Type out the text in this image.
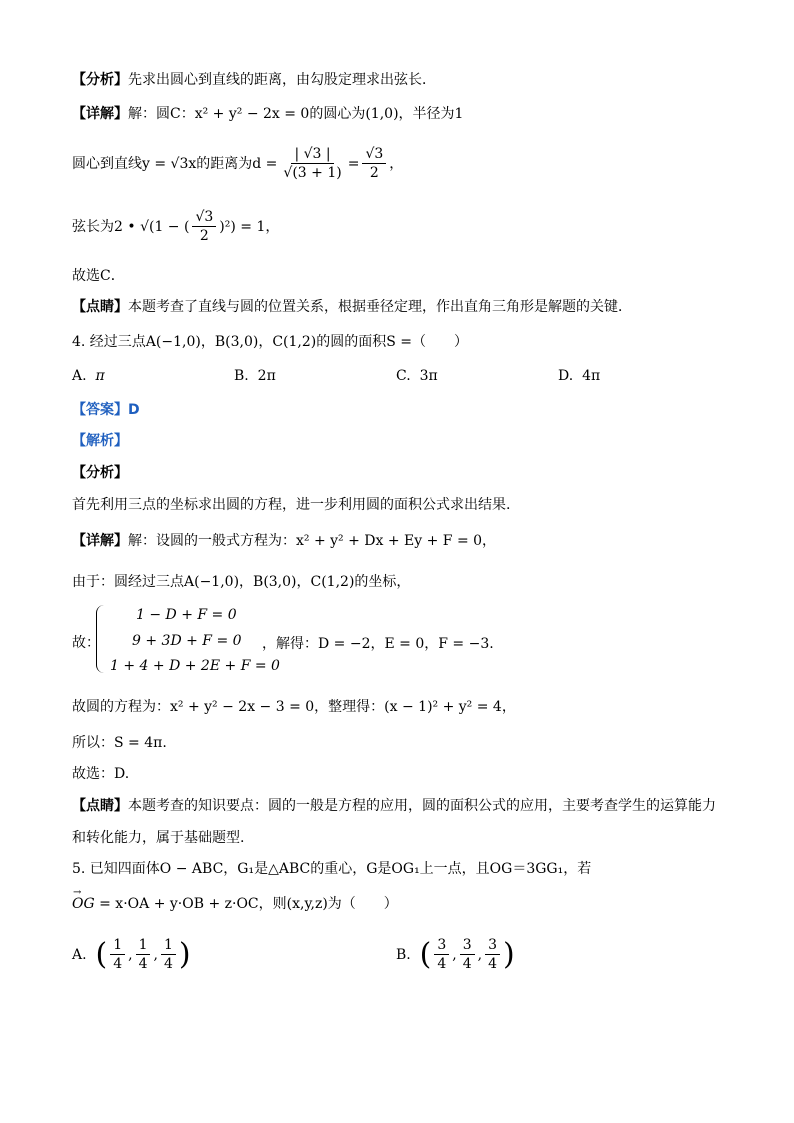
【分析】先求出圆心到直线的距离，由勾股定理求出弦长．
【详解】解：圆C：x² + y² − 2x = 0的圆心为(1,0)，半径为1
圆心到直线y = √3x的距离为$d = \frac{| √3 |}{√(3 + 1)} = \frac{√3}{2}$ ，
弦长为2 • √(1 − ( $\frac{√3}{2} )^2) = 1$，
故选C．
【点睛】本题考查了直线与圆的位置关系，根据垂径定理，作出直角三角形是解题的关键．
4. 经过三点A(−1,0)，B(3,0)，C(1,2)的圆的面积S =（　　）
A. π	B. 2π	C. 3π	D. 4π
【答案】D
【解析】
【分析】
首先利用三点的坐标求出圆的方程，进一步利用圆的面积公式求出结果.
【详解】解：设圆的一般式方程为：x² + y² + Dx + Ey + F = 0，
由于：圆经过三点A(−1,0)，B(3,0)，C(1,2)的坐标，
故：
1 − D + F = 0
9 + 3D + F = 0
1 + 4 + D + 2E + F = 0
，解得：D = −2，E = 0，F = −3.
故圆的方程为：x² + y² − 2x − 3 = 0，整理得：(x − 1)² + y² = 4，
所以：S = 4π.
故选：D.
【点睛】本题考查的知识要点：圆的一般是方程的应用，圆的面积公式的应用，主要考查学生的运算能力
和转化能力，属于基础题型.
5. 已知四面体O − ABC，G₁是△ABC的重心，G是OG₁上一点，且OG＝3GG₁，若
→ OG = x·OA + y·OB + z·OC，则(x,y,z)为（　　）
A.
( $\frac{1}{4}$ , $\frac{1}{4}$ , $\frac{1}{4}$ )	B.
( $\frac{3}{4}$ , $\frac{3}{4}$ , $\frac{3}{4}$ )
